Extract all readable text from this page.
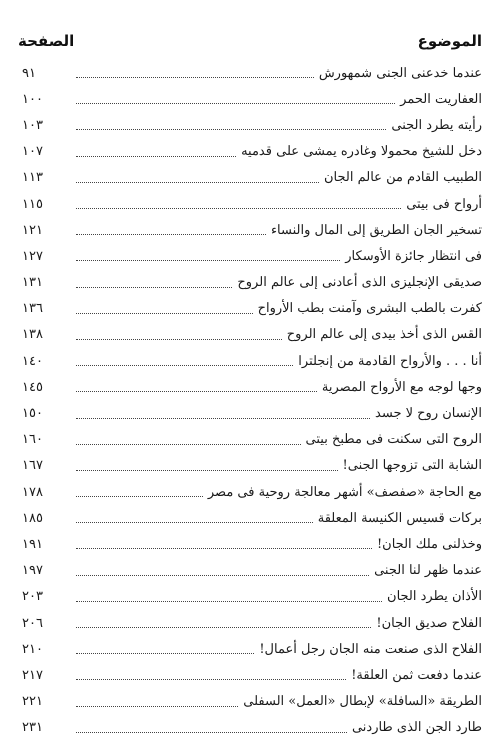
الموضوع
الصفحة
عندما خدعنى الجنى شمهورش
٩١
العفاريت الحمر
١٠٠
رأيته يطرد الجنى
١٠٣
دخل للشيخ محمولا وغادره يمشى على قدميه
١٠٧
الطبيب القادم من عالم الجان
١١٣
أرواح فى بيتى
١١٥
تسخير الجان الطريق إلى المال والنساء
١٢١
فى انتظار جائزة الأوسكار
١٢٧
صديقى الإنجليزى الذى أعادنى إلى عالم الروح
١٣١
كفرت بالطب البشرى وآمنت بطب الأرواح
١٣٦
القس الذى أخذ بيدى إلى عالم الروح
١٣٨
أنا . . . والأرواح القادمة من إنجلترا
١٤٠
وجها لوجه مع الأرواح المصرية
١٤٥
الإنسان روح لا جسد
١٥٠
الروح التى سكنت فى مطبخ بيتى
١٦٠
الشابة التى تزوجها الجنى!
١٦٧
مع الحاجة «صفصف» أشهر معالجة روحية فى مصر
١٧٨
بركات قسيس الكنيسة المعلقة
١٨٥
وخذلنى ملك الجان!
١٩١
عندما ظهر لنا الجنى
١٩٧
الأذان يطرد الجان
٢٠٣
الفلاح صديق الجان!
٢٠٦
الفلاح الذى صنعت منه الجان رجل أعمال!
٢١٠
عندما دفعت ثمن العلقة!
٢١٧
الطريقة «السافلة» لإبطال «العمل» السفلى
٢٢١
طارد الجن الذى طاردنى
٢٣١
